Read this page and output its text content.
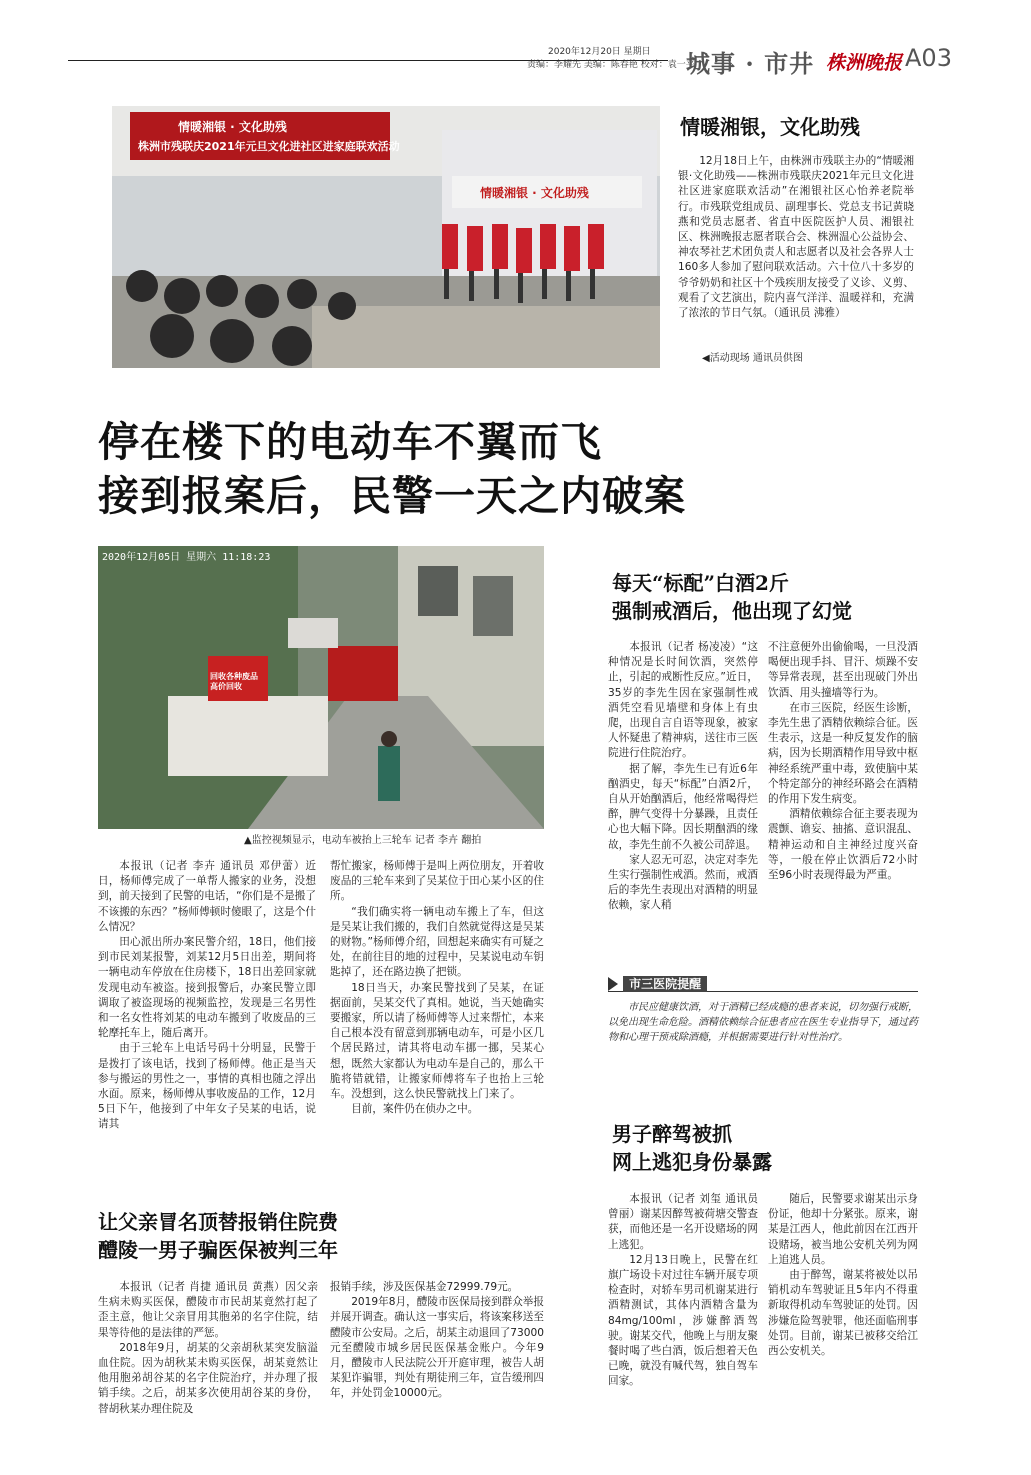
2020年12月20日 星期日
责编：李耀先 美编：陈春艳 校对：袁一平
城事 · 市井 株洲晚报 A03
情暖湘银 · 文化助残
株洲市残联庆2021年元旦文化进社区进家庭联欢活动
情暖湘银 · 文化助残
情暖湘银，文化助残

12月18日上午，由株洲市残联主办的“情暖湘银·文化助残——株洲市残联庆2021年元旦文化进社区进家庭联欢活动”在湘银社区心怡养老院举行。市残联党组成员、副理事长、党总支书记黄晓燕和党员志愿者、省直中医院医护人员、湘银社区、株洲晚报志愿者联合会、株洲温心公益协会、神农琴社艺术团负责人和志愿者以及社会各界人士160多人参加了慰问联欢活动。六十位八十多岁的爷爷奶奶和社区十个残疾朋友接受了义诊、义剪、观看了文艺演出，院内喜气洋洋、温暖祥和，充满了浓浓的节日气氛。（通讯员 沸雅）

◀活动现场 通讯员供图
停在楼下的电动车不翼而飞
接到报案后，民警一天之内破案
2020年12月05日 星期六 11:18:23
回收各种废品 高价回收
▲监控视频显示，电动车被抬上三轮车 记者 李卉 翻拍

本报讯（记者 李卉 通讯员 邓伊蕾）近日，杨师傅完成了一单帮人搬家的业务，没想到，前天接到了民警的电话，“你们是不是搬了不该搬的东西？”杨师傅顿时傻眼了，这是个什么情况？

田心派出所办案民警介绍，18日，他们接到市民刘某报警，刘某12月5日出差，期间将一辆电动车停放在住房楼下，18日出差回家就发现电动车被盗。接到报警后，办案民警立即调取了被盗现场的视频监控，发现是三名男性和一名女性将刘某的电动车搬到了收废品的三轮摩托车上，随后离开。

由于三轮车上电话号码十分明显，民警于是拨打了该电话，找到了杨师傅。他正是当天参与搬运的男性之一，事情的真相也随之浮出水面。原来，杨师傅从事收废品的工作，12月5日下午，他接到了中年女子吴某的电话，说请其

帮忙搬家，杨师傅于是叫上两位朋友，开着收废品的三轮车来到了吴某位于田心某小区的住所。

“我们确实将一辆电动车搬上了车，但这是吴某让我们搬的，我们自然就觉得这是吴某的财物。”杨师傅介绍，回想起来确实有可疑之处，在前往目的地的过程中，吴某说电动车钥匙掉了，还在路边换了把锁。

18日当天，办案民警找到了吴某，在证据面前，吴某交代了真相。她说，当天她确实要搬家，所以请了杨师傅等人过来帮忙，本来自己根本没有留意到那辆电动车，可是小区几个居民路过，请其将电动车挪一挪，吴某心想，既然大家都认为电动车是自己的，那么干脆将错就错，让搬家师傅将车子也抬上三轮车。没想到，这么快民警就找上门来了。

目前，案件仍在侦办之中。

每天“标配”白酒2斤
强制戒酒后，他出现了幻觉

本报讯（记者 杨凌凌）“这种情况是长时间饮酒，突然停止，引起的戒断性反应。”近日，35岁的李先生因在家强制性戒酒凭空看见墙壁和身体上有虫爬，出现自言自语等现象，被家人怀疑患了精神病，送往市三医院进行住院治疗。

据了解，李先生已有近6年酗酒史，每天“标配”白酒2斤，自从开始酗酒后，他经常喝得烂醉，脾气变得十分暴躁，且责任心也大幅下降。因长期酗酒的缘故，李先生前不久被公司辞退。

家人忍无可忍，决定对李先生实行强制性戒酒。然而，戒酒后的李先生表现出对酒精的明显依赖，家人稍

不注意便外出偷偷喝，一旦没酒喝便出现手抖、冒汗、烦躁不安等异常表现，甚至出现破门外出饮酒、用头撞墙等行为。

在市三医院，经医生诊断，李先生患了酒精依赖综合征。医生表示，这是一种反复发作的脑病，因为长期酒精作用导致中枢神经系统严重中毒，致使脑中某个特定部分的神经环路会在酒精的作用下发生病变。

酒精依赖综合征主要表现为震颤、谵妄、抽搐、意识混乱、精神运动和自主神经过度兴奋等，一般在停止饮酒后72小时至96小时表现得最为严重。

市三医院提醒

市民应健康饮酒，对于酒精已经成瘾的患者来说，切勿强行戒断，以免出现生命危险。酒精依赖综合征患者应在医生专业指导下，通过药物和心理干预戒除酒瘾，并根据需要进行针对性治疗。

让父亲冒名顶替报销住院费
醴陵一男子骗医保被判三年

本报讯（记者 肖捷 通讯员 黄燕）因父亲生病未购买医保，醴陵市市民胡某竟然打起了歪主意，他让父亲冒用其胞弟的名字住院，结果等待他的是法律的严惩。

2018年9月，胡某的父亲胡秋某突发脑溢血住院。因为胡秋某未购买医保，胡某竟然让他用胞弟胡谷某的名字住院治疗，并办理了报销手续。之后，胡某多次使用胡谷某的身份，替胡秋某办理住院及

报销手续，涉及医保基金72999.79元。

2019年8月，醴陵市医保局接到群众举报并展开调查。确认这一事实后，将该案移送至醴陵市公安局。之后，胡某主动退回了73000元至醴陵市城乡居民医保基金账户。今年9月，醴陵市人民法院公开开庭审理，被告人胡某犯诈骗罪，判处有期徒刑三年，宣告缓刑四年，并处罚金10000元。

男子醉驾被抓
网上逃犯身份暴露

本报讯（记者 刘玺 通讯员 曾丽）谢某因醉驾被荷塘交警查获，而他还是一名开设赌场的网上逃犯。

12月13日晚上，民警在红旗广场设卡对过往车辆开展专项检查时，对轿车男司机谢某进行酒精测试，其体内酒精含量为84mg/100ml，涉嫌醉酒驾驶。谢某交代，他晚上与朋友聚餐时喝了些白酒，饭后想着天色已晚，就没有喊代驾，独自驾车回家。

随后，民警要求谢某出示身份证，他却十分紧张。原来，谢某是江西人，他此前因在江西开设赌场，被当地公安机关列为网上追逃人员。

由于醉驾，谢某将被处以吊销机动车驾驶证且5年内不得重新取得机动车驾驶证的处罚。因涉嫌危险驾驶罪，他还面临刑事处罚。目前，谢某已被移交给江西公安机关。
